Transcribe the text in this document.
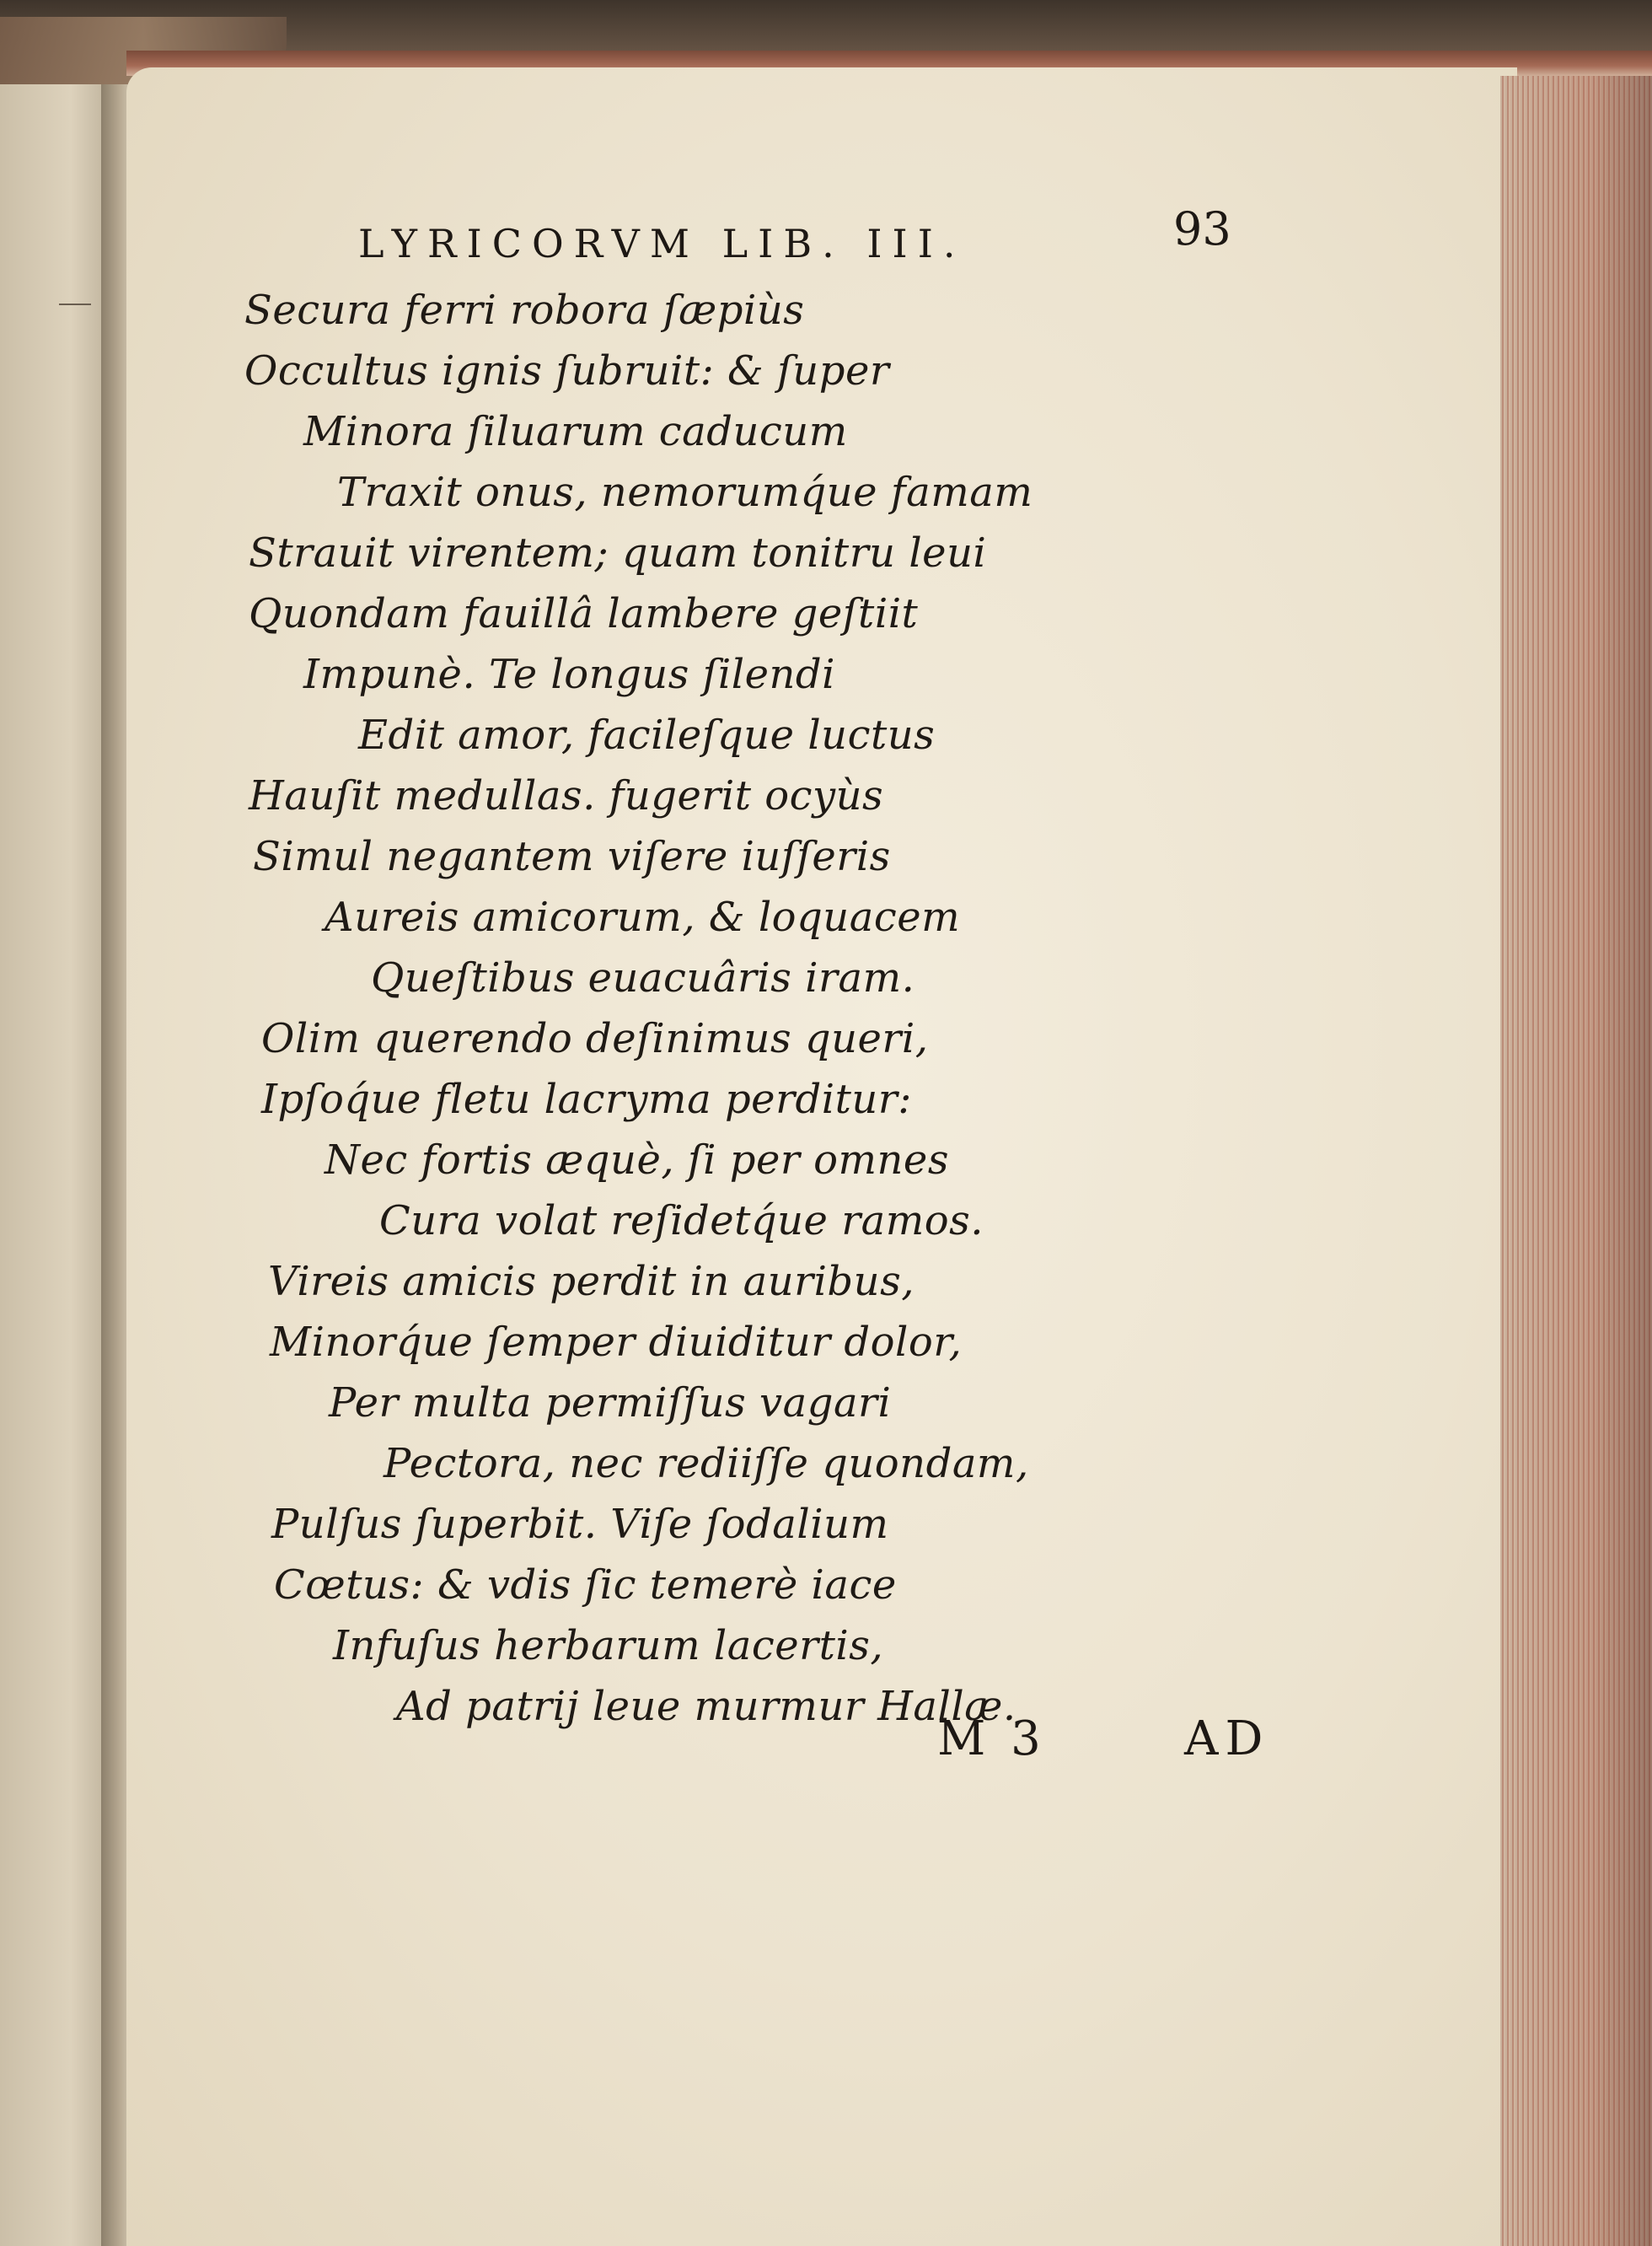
LYRICORVM LIB. III.	93
Secura ferri robora ſæpiùs
Occultus ignis ſubruit: & ſuper
Minora ſiluarum caducum
Traxit onus, nemorumq́ue famam
Strauit virentem; quam tonitru leui
Quondam fauillâ lambere geſtiit
Impunè. Te longus ſilendi
Edit amor, facileſque luctus
Hauſit medullas. fugerit ocyùs
Simul negantem viſere iuſſeris
Aureis amicorum, & loquacem
Queſtibus euacuâris iram.
Olim querendo deſinimus queri,
Ipſoq́ue fletu lacryma perditur:
Nec fortis æquè, ſi per omnes
Cura volat reſidetq́ue ramos.
Vireis amicis perdit in auribus,
Minorq́ue ſemper diuiditur dolor,
Per multa permiſſus vagari
Pectora, nec rediiſſe quondam,
Pulſus ſuperbit. Viſe ſodalium
Cœtus: & vdis ſic temerè iace
Infuſus herbarum lacertis,
Ad patrij leue murmur Hallæ.
M 3	AD
